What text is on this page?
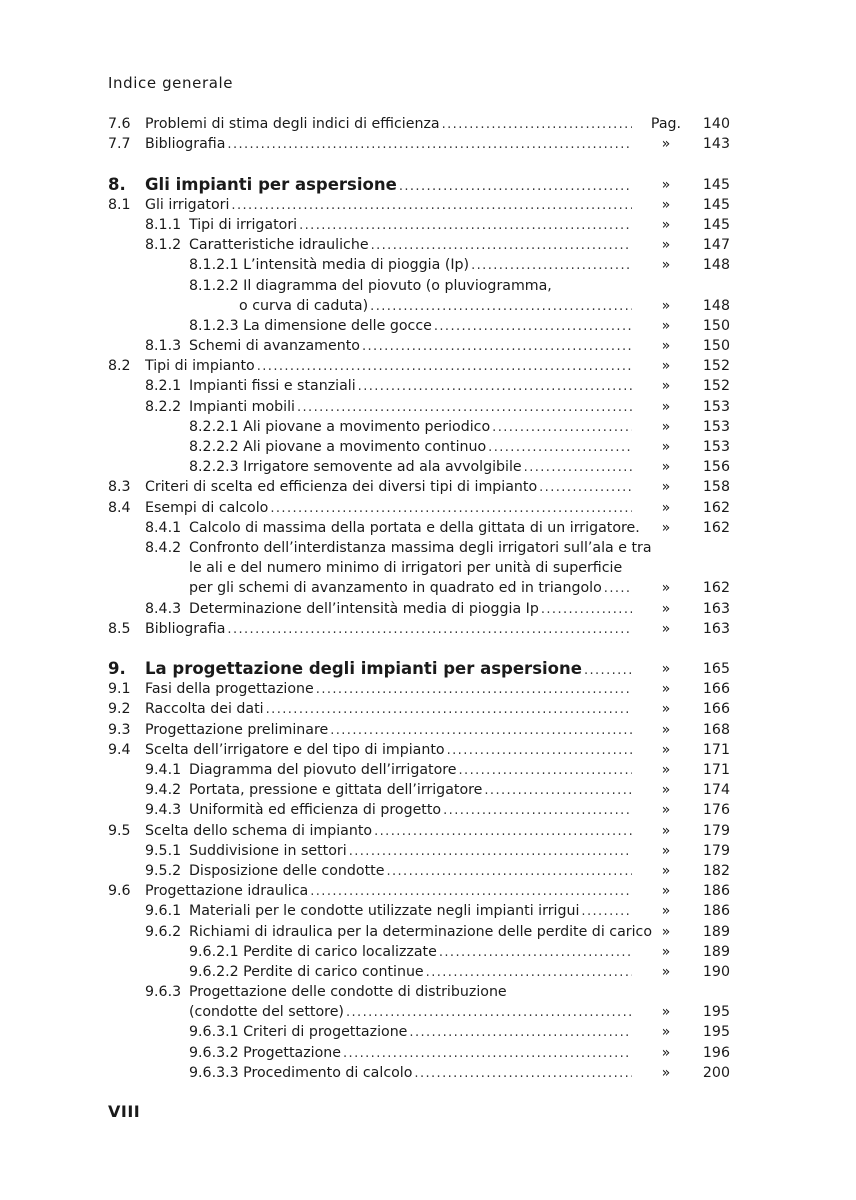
Indice generale
7.6 Problemi di stima degli indici di efficienza .....	Pag.	140
7.7 Bibliografia .....	»	143
8. Gli impianti per aspersione .....	»	145
8.1 Gli irrigatori .....	»	145
8.1.1 Tipi di irrigatori .....	»	145
8.1.2 Caratteristiche idrauliche .....	»	147
8.1.2.1 L’intensità media di pioggia (Ip) .....	»	148
8.1.2.2 Il diagramma del piovuto (o pluviogramma,
o curva di caduta) .....	»	148
8.1.2.3 La dimensione delle gocce .....	»	150
8.1.3 Schemi di avanzamento .....	»	150
8.2 Tipi di impianto .....	»	152
8.2.1 Impianti fissi e stanziali .....	»	152
8.2.2 Impianti mobili .....	»	153
8.2.2.1 Ali piovane a movimento periodico .....	»	153
8.2.2.2 Ali piovane a movimento continuo .....	»	153
8.2.2.3 Irrigatore semovente ad ala avvolgibile .....	»	156
8.3 Criteri di scelta ed efficienza dei diversi tipi di impianto .....	»	158
8.4 Esempi di calcolo .....	»	162
8.4.1 Calcolo di massima della portata e della gittata di un irrigatore.	»	162
8.4.2 Confronto dell’interdistanza massima degli irrigatori sull’ala e tra
le ali e del numero minimo di irrigatori per unità di superficie
per gli schemi di avanzamento in quadrato ed in triangolo .....	»	162
8.4.3 Determinazione dell’intensità media di pioggia Ip .....	»	163
8.5 Bibliografia .....	»	163
9. La progettazione degli impianti per aspersione .....	»	165
9.1 Fasi della progettazione .....	»	166
9.2 Raccolta dei dati .....	»	166
9.3 Progettazione preliminare .....	»	168
9.4 Scelta dell’irrigatore e del tipo di impianto .....	»	171
9.4.1 Diagramma del piovuto dell’irrigatore .....	»	171
9.4.2 Portata, pressione e gittata dell’irrigatore .....	»	174
9.4.3 Uniformità ed efficienza di progetto .....	»	176
9.5 Scelta dello schema di impianto .....	»	179
9.5.1 Suddivisione in settori .....	»	179
9.5.2 Disposizione delle condotte .....	»	182
9.6 Progettazione idraulica .....	»	186
9.6.1 Materiali per le condotte utilizzate negli impianti irrigui .....	»	186
9.6.2 Richiami di idraulica per la determinazione delle perdite di carico »	189
9.6.2.1 Perdite di carico localizzate .....	»	189
9.6.2.2 Perdite di carico continue .....	»	190
9.6.3 Progettazione delle condotte di distribuzione
(condotte del settore) .....	»	195
9.6.3.1 Criteri di progettazione .....	»	195
9.6.3.2 Progettazione .....	»	196
9.6.3.3 Procedimento di calcolo .....	»	200
VIII
